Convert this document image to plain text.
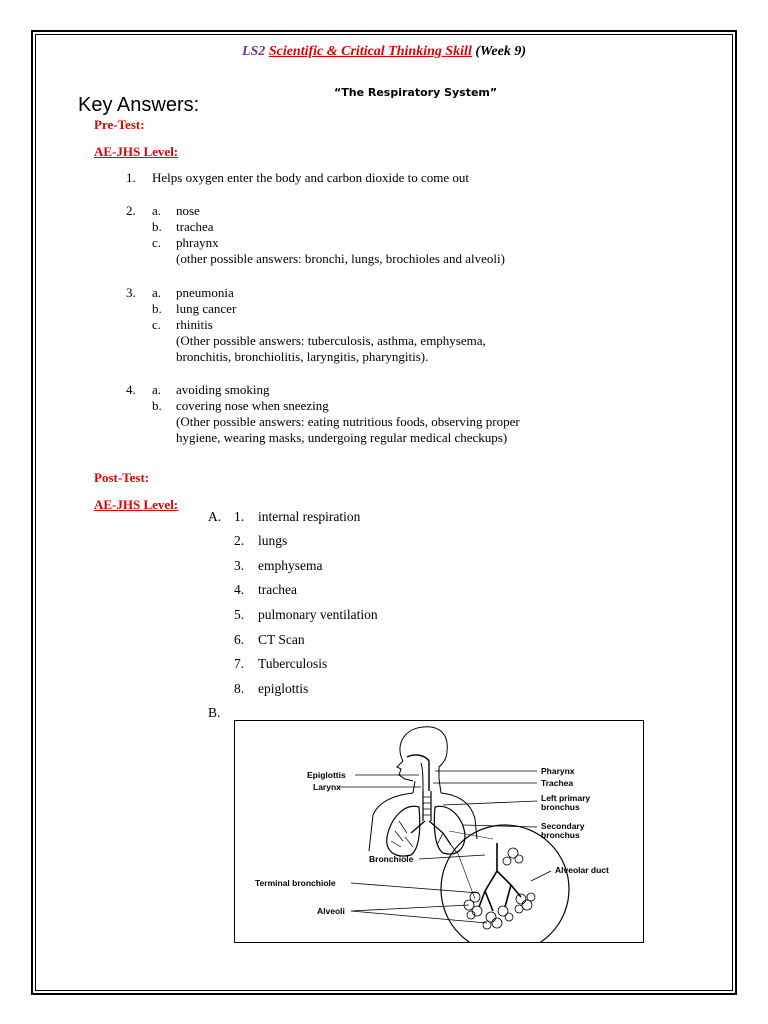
LS2 Scientific & Critical Thinking Skill (Week 9)
“The Respiratory System”
Key Answers:
Pre-Test:
AE-JHS Level:
1. Helps oxygen enter the body and carbon dioxide to come out
2. a. nose
b. trachea
c. phraynx
(other possible answers: bronchi, lungs, brochioles and alveoli)
3. a. pneumonia
b. lung cancer
c. rhinitis
(Other possible answers: tuberculosis, asthma, emphysema,
bronchitis, bronchiolitis, laryngitis, pharyngitis).
4. a. avoiding smoking
b. covering nose when sneezing
(Other possible answers: eating nutritious foods, observing proper
hygiene, wearing masks, undergoing regular medical checkups)
Post-Test:
AE-JHS Level:
A. 1. internal respiration
2. lungs
3. emphysema
4. trachea
5. pulmonary ventilation
6. CT Scan
7. Tuberculosis
8. epiglottis
B.
Epiglottis
Larynx
Pharynx
Trachea
Left primary
bronchus
Secondary
bronchus
Bronchiole
Alveolar duct
Terminal bronchiole
Alveoli
